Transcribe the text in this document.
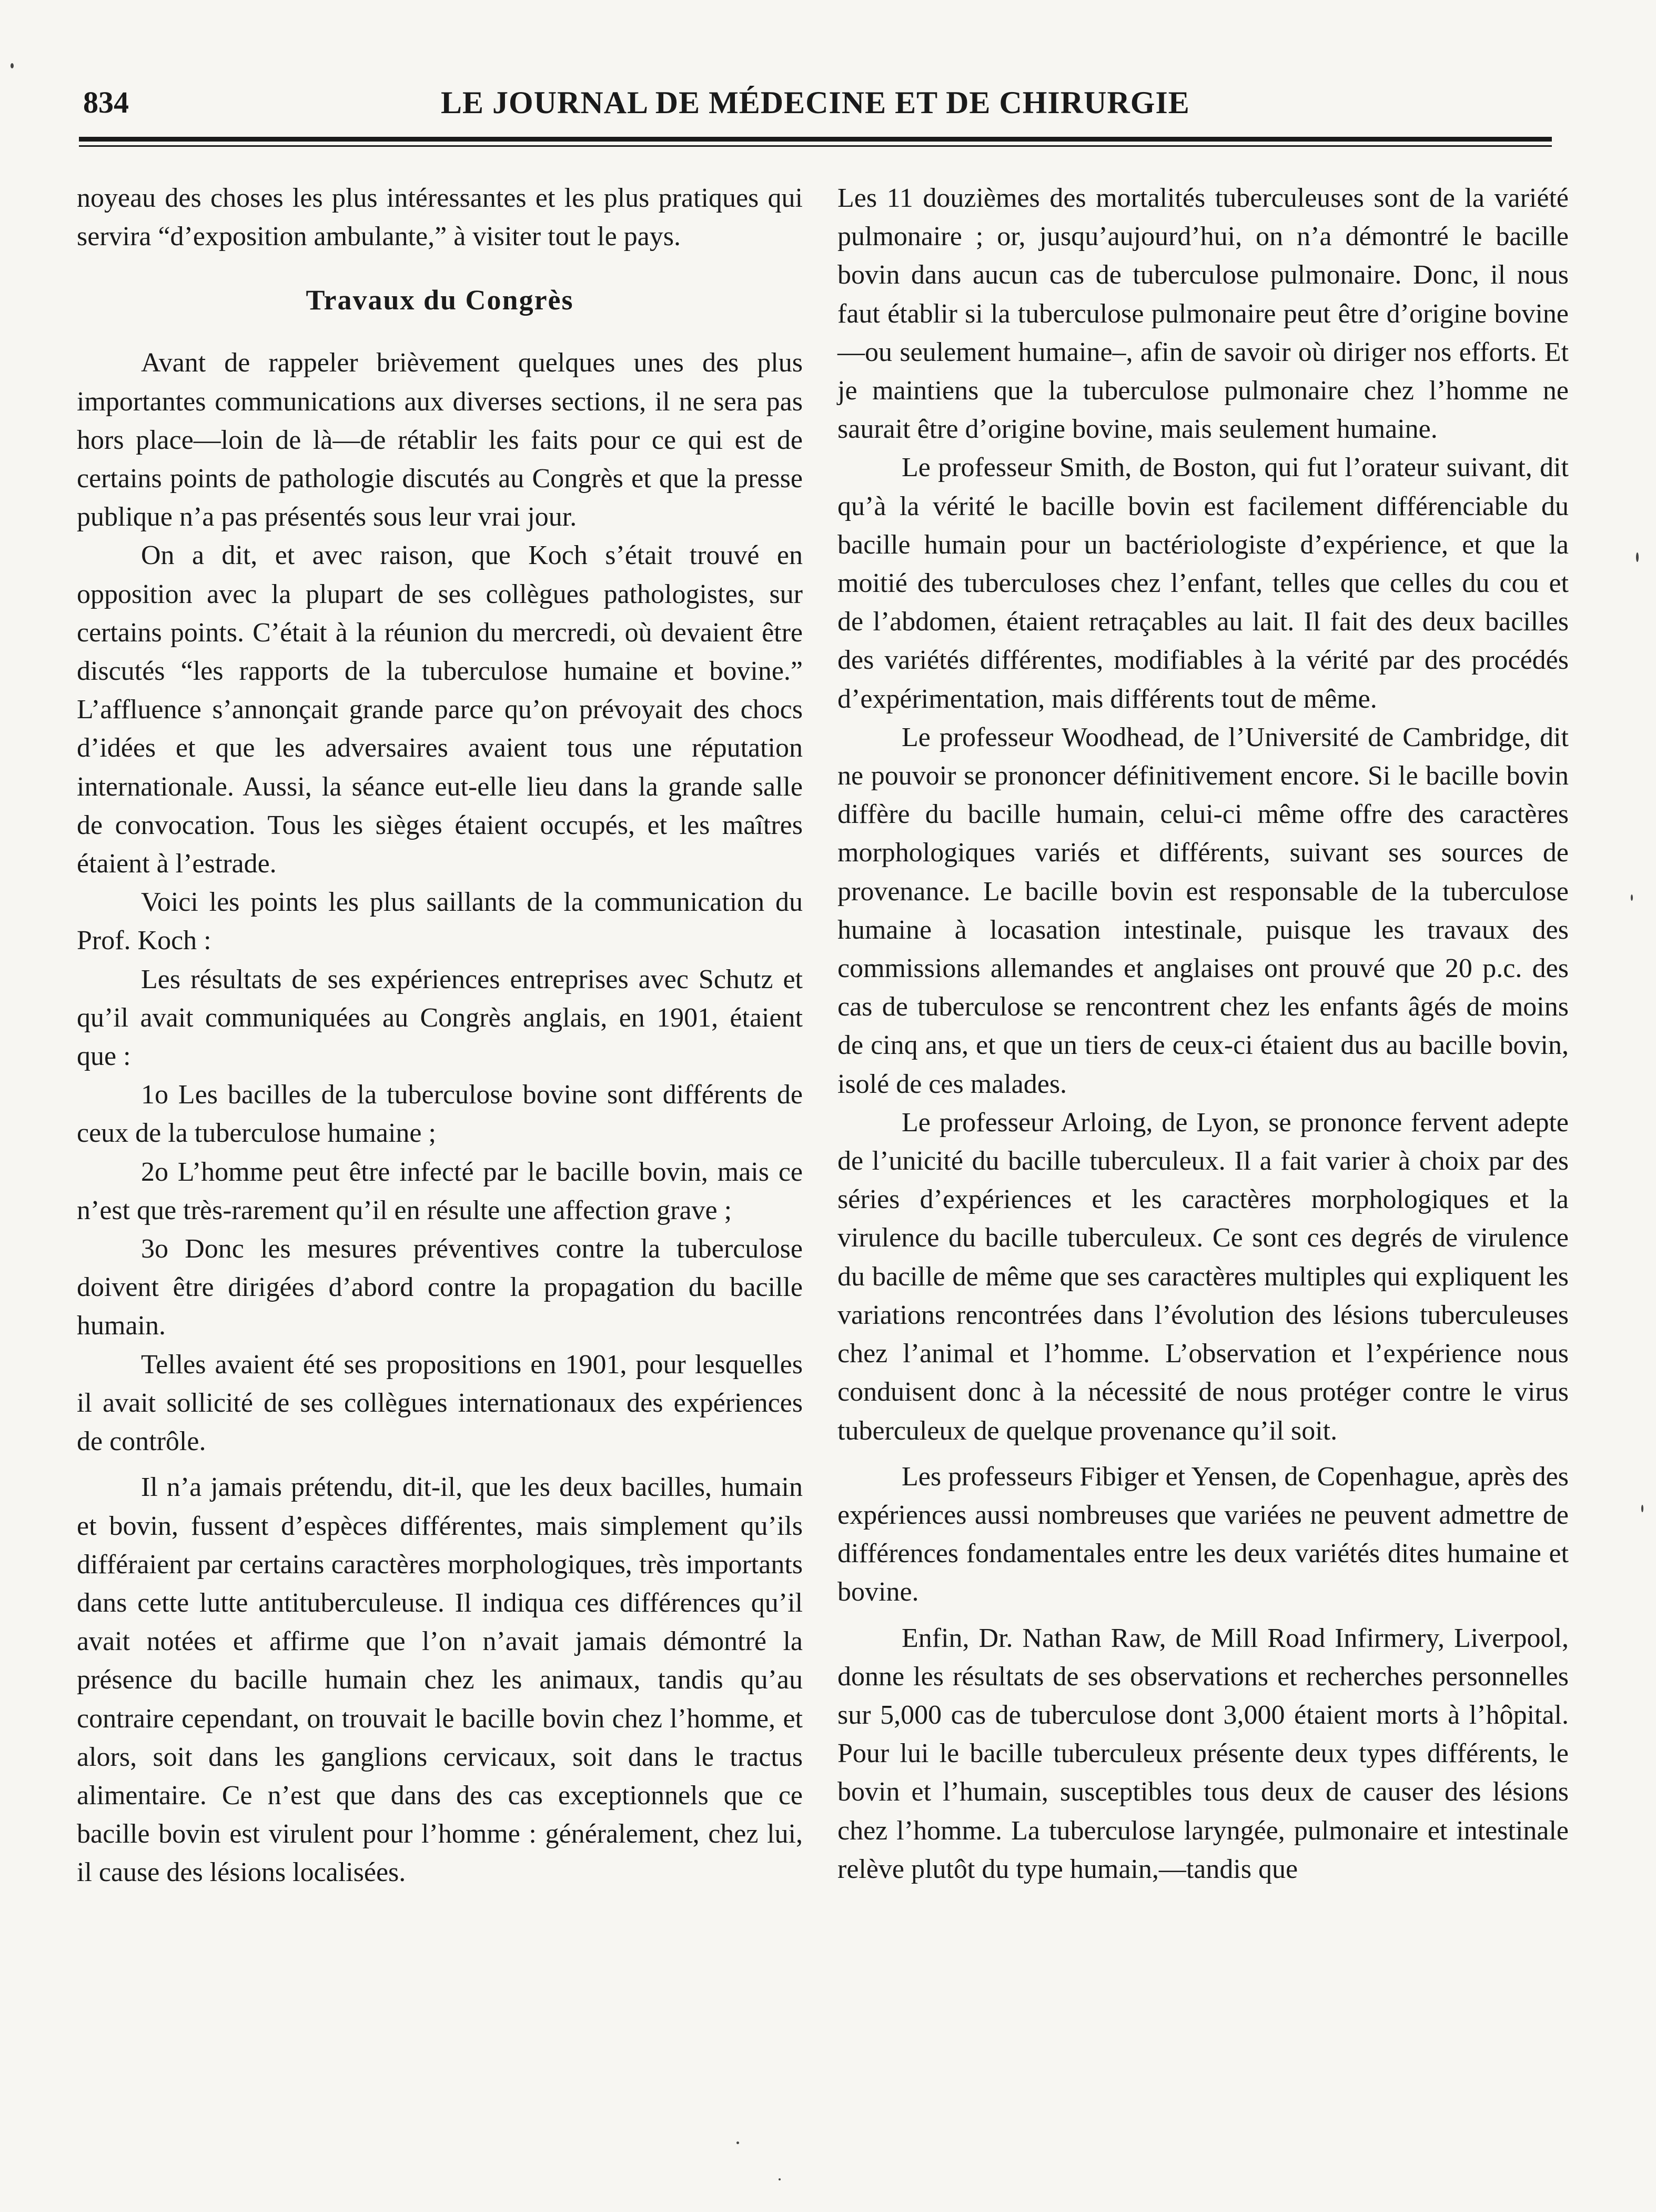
834	LE JOURNAL DE MÉDECINE ET DE CHIRURGIE

noyeau des choses les plus intéressantes et les plus pratiques qui servira “d’exposition ambulante,” à visiter tout le pays.

Travaux du Congrès

Avant de rappeler brièvement quelques unes des plus importantes communications aux diverses sections, il ne sera pas hors place—loin de là—de rétablir les faits pour ce qui est de certains points de pathologie discutés au Congrès et que la presse publique n’a pas présentés sous leur vrai jour.

On a dit, et avec raison, que Koch s’était trouvé en opposition avec la plupart de ses collègues pathologistes, sur certains points. C’était à la réunion du mercredi, où devaient être discutés “les rapports de la tuberculose humaine et bovine.” L’affluence s’annonçait grande parce qu’on prévoyait des chocs d’idées et que les adversaires avaient tous une réputation internationale. Aussi, la séance eut-elle lieu dans la grande salle de convocation. Tous les sièges étaient occupés, et les maîtres étaient à l’estrade.

Voici les points les plus saillants de la communication du Prof. Koch :

Les résultats de ses expériences entreprises avec Schutz et qu’il avait communiquées au Congrès anglais, en 1901, étaient que :

1o Les bacilles de la tuberculose bovine sont différents de ceux de la tuberculose humaine ;

2o L’homme peut être infecté par le bacille bovin, mais ce n’est que très-rarement qu’il en résulte une affection grave ;

3o Donc les mesures préventives contre la tuberculose doivent être dirigées d’abord contre la propagation du bacille humain.

Telles avaient été ses propositions en 1901, pour lesquelles il avait sollicité de ses collègues internationaux des expériences de contrôle.

Il n’a jamais prétendu, dit-il, que les deux bacilles, humain et bovin, fussent d’espèces différentes, mais simplement qu’ils différaient par certains caractères morphologiques, très importants dans cette lutte antituberculeuse. Il indiqua ces différences qu’il avait notées et affirme que l’on n’avait jamais démontré la présence du bacille humain chez les animaux, tandis qu’au contraire cependant, on trouvait le bacille bovin chez l’homme, et alors, soit dans les ganglions cervicaux, soit dans le tractus alimentaire. Ce n’est que dans des cas exceptionnels que ce bacille bovin est virulent pour l’homme : généralement, chez lui, il cause des lésions localisées.

Les 11 douzièmes des mortalités tuberculeuses sont de la variété pulmonaire ; or, jusqu’aujourd’hui, on n’a démontré le bacille bovin dans aucun cas de tuberculose pulmonaire. Donc, il nous faut établir si la tuberculose pulmonaire peut être d’origine bovine—ou seulement humaine–, afin de savoir où diriger nos efforts. Et je maintiens que la tuberculose pulmonaire chez l’homme ne saurait être d’origine bovine, mais seulement humaine.

Le professeur Smith, de Boston, qui fut l’orateur suivant, dit qu’à la vérité le bacille bovin est facilement différenciable du bacille humain pour un bactériologiste d’expérience, et que la moitié des tuberculoses chez l’enfant, telles que celles du cou et de l’abdomen, étaient retraçables au lait. Il fait des deux bacilles des variétés différentes, modifiables à la vérité par des procédés d’expérimentation, mais différents tout de même.

Le professeur Woodhead, de l’Université de Cambridge, dit ne pouvoir se prononcer définitivement encore. Si le bacille bovin diffère du bacille humain, celui-ci même offre des caractères morphologiques variés et différents, suivant ses sources de provenance. Le bacille bovin est responsable de la tuberculose humaine à locasation intestinale, puisque les travaux des commissions allemandes et anglaises ont prouvé que 20 p.c. des cas de tuberculose se rencontrent chez les enfants âgés de moins de cinq ans, et que un tiers de ceux-ci étaient dus au bacille bovin, isolé de ces malades.

Le professeur Arloing, de Lyon, se prononce fervent adepte de l’unicité du bacille tuberculeux. Il a fait varier à choix par des séries d’expériences et les caractères morphologiques et la virulence du bacille tuberculeux. Ce sont ces degrés de virulence du bacille de même que ses caractères multiples qui expliquent les variations rencontrées dans l’évolution des lésions tuberculeuses chez l’animal et l’homme. L’observation et l’expérience nous conduisent donc à la nécessité de nous protéger contre le virus tuberculeux de quelque provenance qu’il soit.

Les professeurs Fibiger et Yensen, de Copenhague, après des expériences aussi nombreuses que variées ne peuvent admettre de différences fondamentales entre les deux variétés dites humaine et bovine.

Enfin, Dr. Nathan Raw, de Mill Road Infirmery, Liverpool, donne les résultats de ses observations et recherches personnelles sur 5,000 cas de tuberculose dont 3,000 étaient morts à l’hôpital. Pour lui le bacille tuberculeux présente deux types différents, le bovin et l’humain, susceptibles tous deux de causer des lésions chez l’homme. La tuberculose laryngée, pulmonaire et intestinale relève plutôt du type humain,—tandis que
